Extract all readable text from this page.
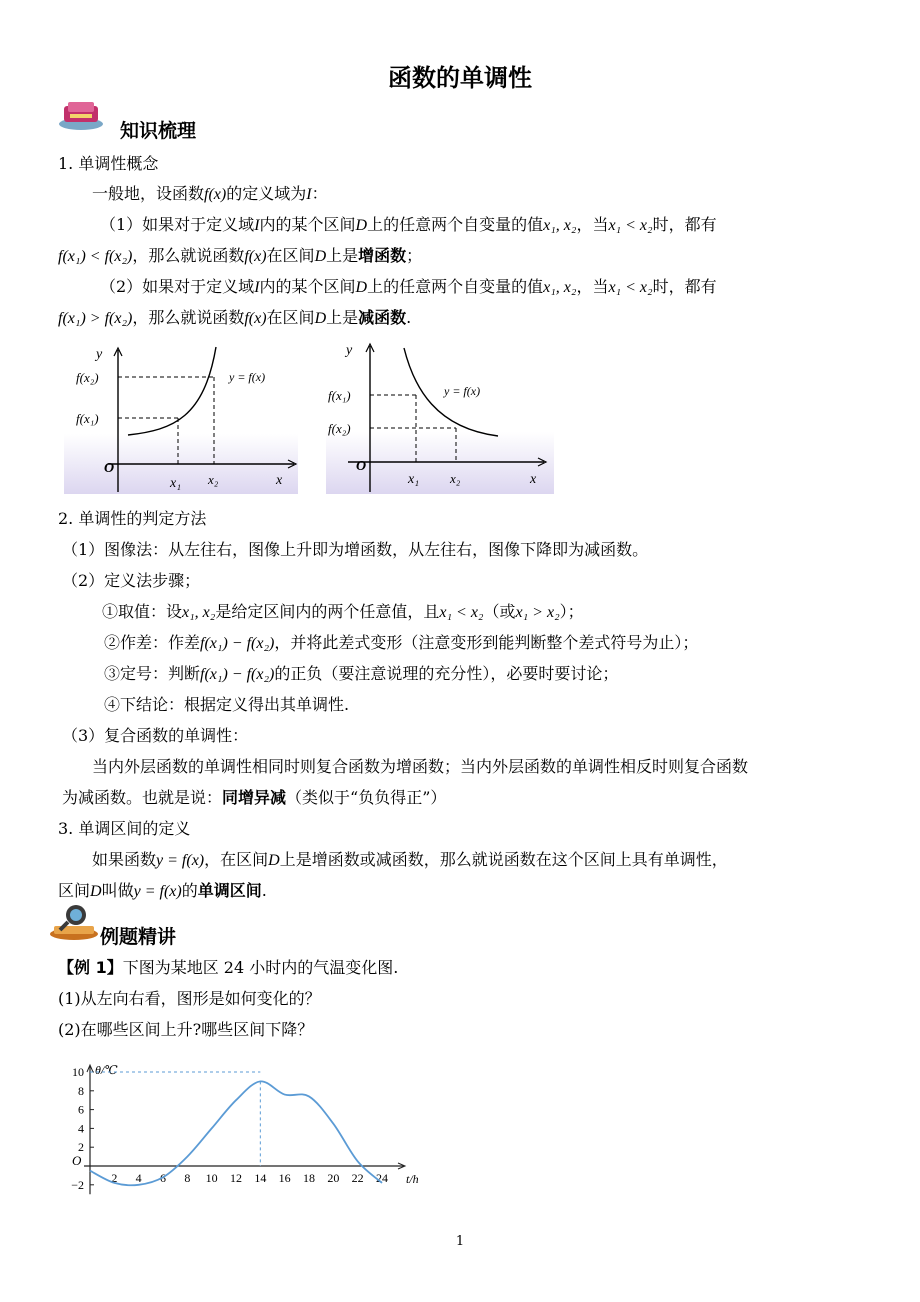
函数的单调性
知识梳理
1. 单调性概念
一般地，设函数f(x)的定义域为I：
（1）如果对于定义域I内的某个区间D上的任意两个自变量的值x₁, x₂，当x₁ < x₂时，都有
f(x₁) < f(x₂)，那么就说函数f(x)在区间D上是增函数；
（2）如果对于定义域I内的某个区间D上的任意两个自变量的值x₁, x₂，当x₁ < x₂时，都有
f(x₁) > f(x₂)，那么就说函数f(x)在区间D上是减函数.
y
f(x₂)
f(x₁)
O
x₁ x₂	x
y = f(x)
y
f(x₁)
f(x₂)
O
x₁ x₂	x
y = f(x)
2. 单调性的判定方法
（1）图像法：从左往右，图像上升即为增函数，从左往右，图像下降即为减函数。
（2）定义法步骤；
①取值：设x₁, x₂是给定区间内的两个任意值，且x₁ < x₂（或x₁ > x₂）；
②作差：作差f(x₁) − f(x₂)，并将此差式变形（注意变形到能判断整个差式符号为止）；
③定号：判断f(x₁) − f(x₂)的正负（要注意说理的充分性），必要时要讨论；
④下结论：根据定义得出其单调性.
（3）复合函数的单调性：
当内外层函数的单调性相同时则复合函数为增函数；当内外层函数的单调性相反时则复合函数
为减函数。也就是说：同增异减（类似于“负负得正”）
3. 单调区间的定义
如果函数y = f(x)，在区间D上是增函数或减函数，那么就说函数在这个区间上具有单调性，
区间D叫做y = f(x)的单调区间.
例题精讲
【例 1】下图为某地区 24 小时内的气温变化图.
(1)从左向右看，图形是如何变化的？
(2)在哪些区间上升?哪些区间下降？
−2
2
4
6
8
10
2 4 6 8 10 12 14 16 18 20 22 24
O
θ/℃
t/h
1
